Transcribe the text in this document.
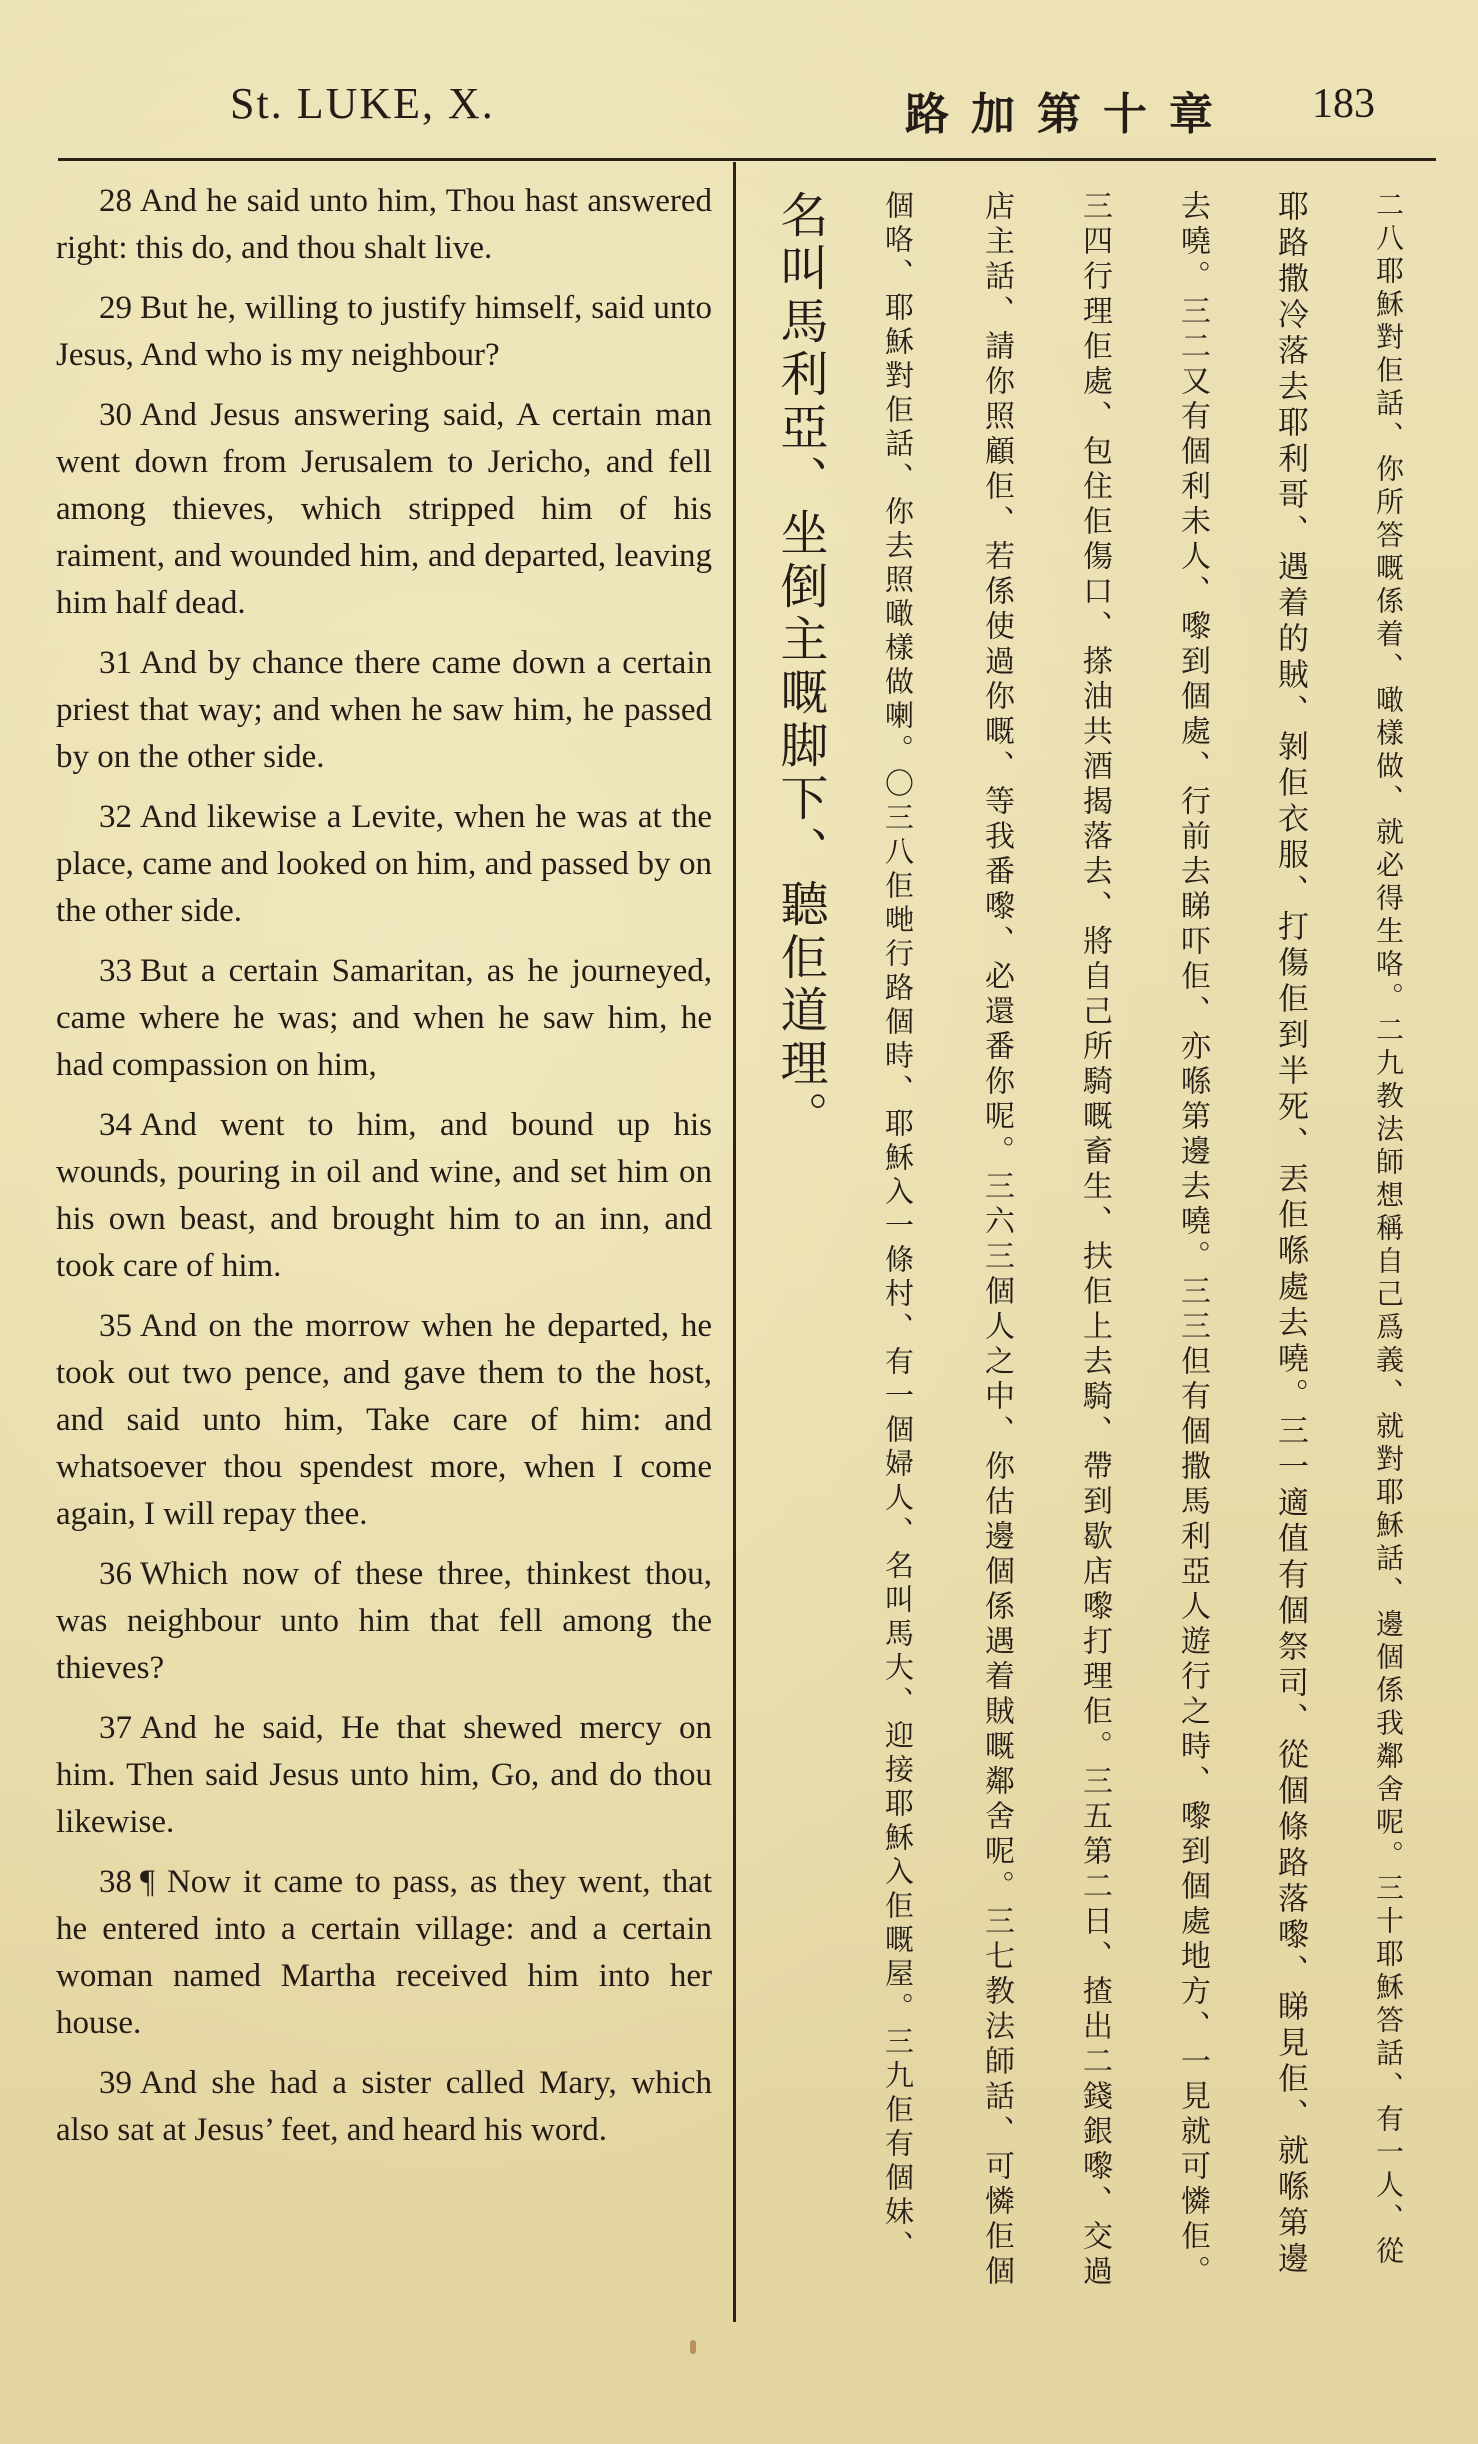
St. LUKE, X.	路加第十章 183

28 And he said unto him, Thou hast answered right: this do, and thou shalt live.

29 But he, willing to justify himself, said unto Jesus, And who is my neighbour?

30 And Jesus answering said, A certain man went down from Jerusalem to Jericho, and fell among thieves, which stripped him of his raiment, and wounded him, and departed, leaving him half dead.

31 And by chance there came down a certain priest that way; and when he saw him, he passed by on the other side.

32 And likewise a Levite, when he was at the place, came and looked on him, and passed by on the other side.

33 But a certain Samaritan, as he journeyed, came where he was; and when he saw him, he had compassion on him,

34 And went to him, and bound up his wounds, pouring in oil and wine, and set him on his own beast, and brought him to an inn, and took care of him.

35 And on the morrow when he departed, he took out two pence, and gave them to the host, and said unto him, Take care of him: and whatsoever thou spendest more, when I come again, I will repay thee.

36 Which now of these three, thinkest thou, was neighbour unto him that fell among the thieves?

37 And he said, He that shewed mercy on him. Then said Jesus unto him, Go, and do thou likewise.

38 ¶ Now it came to pass, as they went, that he entered into a certain village: and a certain woman named Martha received him into her house.

39 And she had a sister called Mary, which also sat at Jesus’ feet, and heard his word.	二八耶穌對佢話、你所答嘅係着、噉樣做、就必得生咯。二九教法師想稱自己爲義、就對耶穌話、邊個係我鄰舍呢。三十耶穌答話、有一人、從
耶路撒冷落去耶利哥、遇着的賊、剝佢衣服、打傷佢到半死、丟佢喺處去嘵。三一適值有個祭司、從個條路落嚟、睇見佢、就喺第邊
去嘵。三二又有個利未人、嚟到個處、行前去睇吓佢、亦喺第邊去嘵。三三但有個撒馬利亞人遊行之時、嚟到個處地方、一見就可憐佢。
三四行理佢處、包住佢傷口、搽油共酒揭落去、將自己所騎嘅畜生、扶佢上去騎、帶到歇店嚟打理佢。三五第二日、揸出二錢銀嚟、交過
店主話、請你照顧佢、若係使過你嘅、等我番嚟、必還番你呢。三六三個人之中、你估邊個係遇着賊嘅鄰舍呢。三七教法師話、可憐佢個
個咯、耶穌對佢話、你去照噉樣做喇。〇三八佢哋行路個時、耶穌入一條村、有一個婦人、名叫馬大、迎接耶穌入佢嘅屋。三九佢有個妹、
名叫馬利亞、坐倒主嘅脚下、聽佢道理。
